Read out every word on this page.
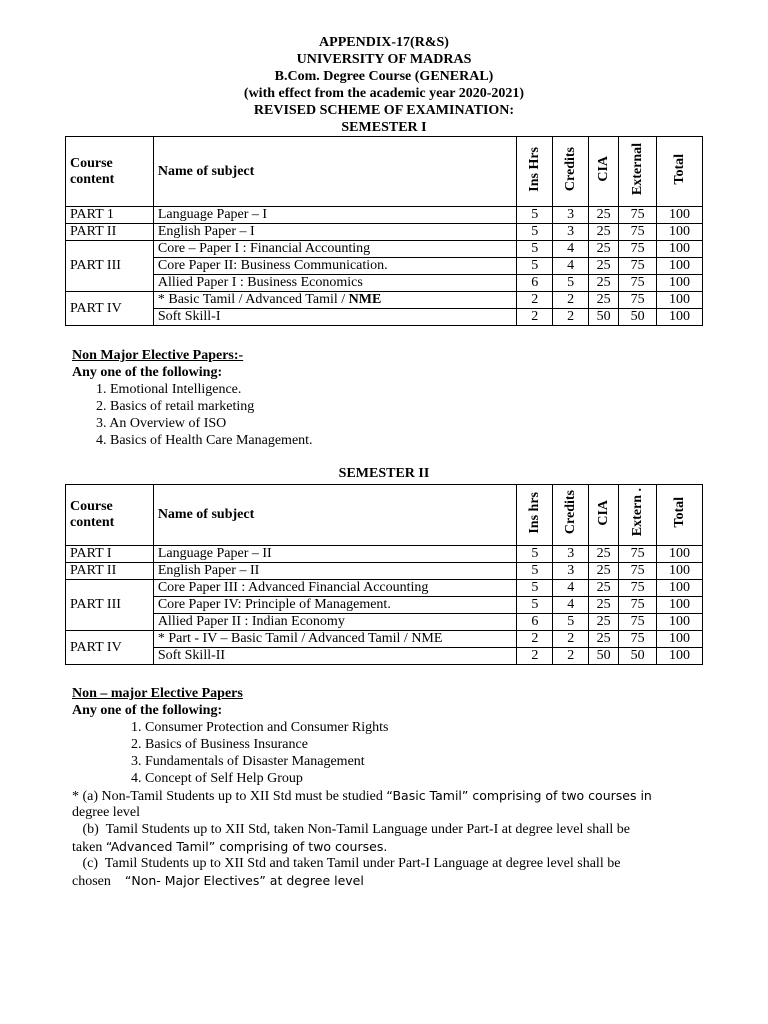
APPENDIX-17(R&S)
UNIVERSITY OF MADRAS
B.Com. Degree Course (GENERAL)
(with effect from the academic year 2020-2021)
REVISED SCHEME OF EXAMINATION:
SEMESTER I
Course
content	Name of subject	Ins Hrs	Credits	CIA	External	Total
PART 1	Language Paper – I	5	3	25	75	100
PART II	English Paper – I	5	3	25	75	100
PART III	Core – Paper I : Financial Accounting	5	4	25	75	100
	Core Paper II: Business Communication.	5	4	25	75	100
	Allied Paper I : Business Economics	6	5	25	75	100
PART IV	* Basic Tamil / Advanced Tamil / NME	2	2	25	75	100
	Soft Skill-I	2	2	50	50	100
Non Major Elective Papers:-
Any one of the following:
1. Emotional Intelligence.
2. Basics of retail marketing
3. An Overview of ISO
4. Basics of Health Care Management.
SEMESTER II
Course
content	Name of subject	Ins hrs	Credits	CIA	Extern .	Total
PART I	Language Paper – II	5	3	25	75	100
PART II	English Paper – II	5	3	25	75	100
PART III	Core Paper III : Advanced Financial Accounting	5	4	25	75	100
	Core Paper IV: Principle of Management.	5	4	25	75	100
	Allied Paper II : Indian Economy	6	5	25	75	100
PART IV	* Part - IV – Basic Tamil / Advanced Tamil / NME	2	2	25	75	100
	Soft Skill-II	2	2	50	50	100
Non – major Elective Papers
Any one of the following:
1. Consumer Protection and Consumer Rights
2. Basics of Business Insurance
3. Fundamentals of Disaster Management
4. Concept of Self Help Group
* (a) Non-Tamil Students up to XII Std must be studied “Basic Tamil” comprising of two courses in
degree level
(b)  Tamil Students up to XII Std, taken Non-Tamil Language under Part-I at degree level shall be
taken “Advanced Tamil” comprising of two courses.
(c)  Tamil Students up to XII Std and taken Tamil under Part-I Language at degree level shall be
chosen    “Non- Major Electives” at degree level
